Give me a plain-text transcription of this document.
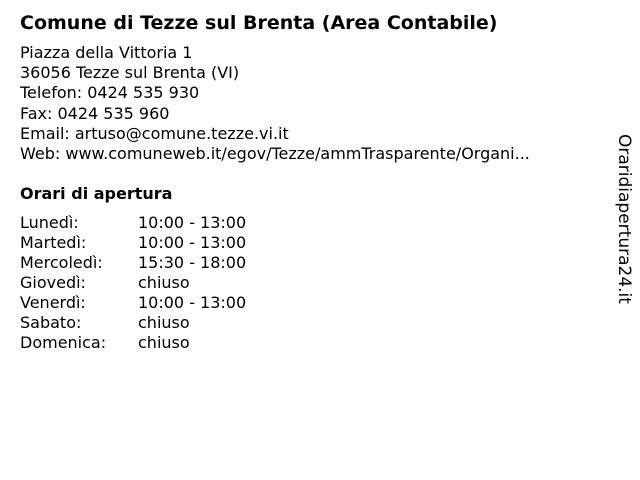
Comune di Tezze sul Brenta (Area Contabile)
Piazza della Vittoria 1
36056 Tezze sul Brenta (VI)
Telefon: 0424 535 930
Fax: 0424 535 960
Email: artuso@comune.tezze.vi.it
Web: www.comuneweb.it/egov/Tezze/ammTrasparente/Organi...
Orari di apertura
Lunedì:	10:00 - 13:00
Martedì:	10:00 - 13:00
Mercoledì:	15:30 - 18:00
Giovedì:	chiuso
Venerdì:	10:00 - 13:00
Sabato:	chiuso
Domenica:	chiuso
Oraridiapertura24.it
